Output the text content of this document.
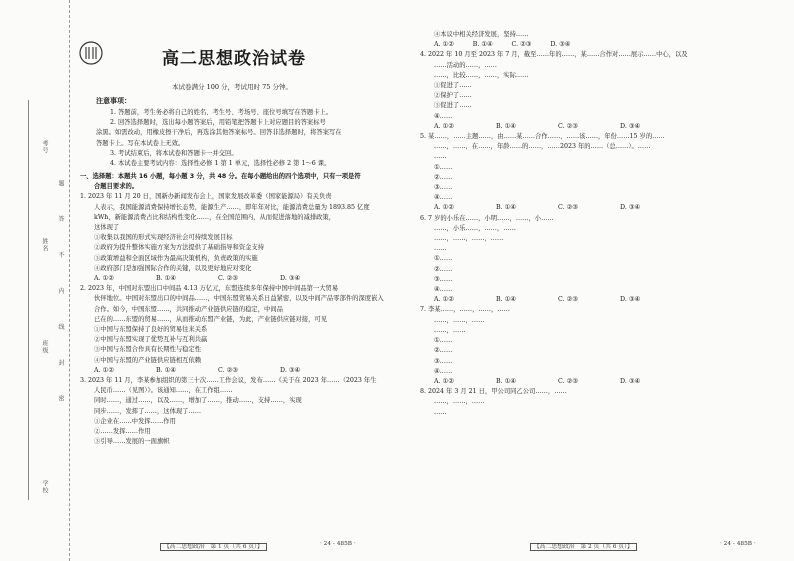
考号
姓名
班级
学校
题 答 不 内 线 封 密
高二思想政治试卷
本试卷满分 100 分，考试用时 75 分钟。
注意事项：
1. 答题前，考生务必将自己的姓名、考生号、考场号、座位号填写在答题卡上。
2. 回答选择题时，选出每小题答案后，用铅笔把答题卡上对应题目的答案标号
涂黑。如需改动，用橡皮擦干净后，再选涂其他答案标号。回答非选择题时，将答案写在
答题卡上。写在本试卷上无效。
3. 考试结束后，将本试卷和答题卡一并交回。
4. 本试卷主要考试内容：选择性必修 1 第 1 单元，选择性必修 2 第 1～6 课。
一、选择题：本题共 16 小题，每小题 3 分，共 48 分。在每小题给出的四个选项中，只有一项是符
合题目要求的。
1. 2023 年 11 月 20 日，国新办新闻发布会上，国家发展改革委（国家能源局）有关负责
人表示，我国能源消费保持增长态势，能源生产……，即年年对比，能源消费总量为 1893.85 亿度
kWh，新能源消费占比和结构性变化……，在全国范围内，从而促进落地的减排政策，
这体现了
①收集以我国的形式实现经济社会可持续发展目标
②政府为提升整体实施方案为方法提供了基础指导和资金支持
③政策增益和全面区域作为最高决策机构，负责政策的实施
④政府部门是加强国际合作的关键，以及更好地应对变化
A. ①②	B. ①④	C. ②③	D. ③④
2. 2023 年，中国对东盟出口中间品 4.13 万亿元，东盟连续多年保持中国中间品第一大贸易
伙伴地位。中国对东盟出口的中间品……，中国东盟贸易关系日益紧密，以及中间产品零部件的深度嵌入
合作。如今，中国东盟……，共同推动产业链供应链的稳定，中间品
已在的……东盟的贸易……，从而推动东盟产业链，为此，产业链供应链对接，可见
①中国与东盟保持了良好的贸易往来关系
②中国与东盟实现了优势互补与互利共赢
③中国与东盟合作具有长期性与稳定性
④中国与东盟的产业链供应链相互依赖
A. ①②	B. ①④	C. ②③	D. ③④
3. 2023 年 11 月，李某参加组织的第三十次……工作会议，发布……《关于在 2023 年……（2023 年生
人民币……（见图）》。该通知……，在工作组……
同时……，通过……，以及……，增加了……，推动……，支持……，实现
同步……，发挥了……，这体现了……
①企业在……中发挥……作用
②……发挥……作用
③引导……发展的一面旗帜
【高二思想政治　第 1 页（共 6 页）】	· 24 - 485B ·
④本议中相关经济发展，坚持……
A. ①②　　　B. ①④　　　C. ②③　　　D. ③④
4. 2022 年 10 月至 2023 年 7 月，截至……年的……，某……合作对……展示……中心，以及
……活动的……，……
……，比较……，……，实际……
①促进了……
②保护了……
③促进了……
④……
A. ①②	B. ①④	C. ②③	D. ③④
5. 某……，……主题……，由……某……合作……，……该……，年份……15 岁的……
……，……，在……，年龄……的……，……2023 年的……（总……）。……
……
①……
②……
③……
④……
A. ①②	B. ①④	C. ②③	D. ③④
6. 7 岁的小乐在……，小明……，……，小……
……，小乐……，……，……
……，……，……，……
……
①……
②……
③……
④……
A. ①②	B. ①④	C. ②③	D. ③④
7. 李某……，……，……，……
……，……，……
……，……
①……
②……
③……
④……
A. ①②	B. ①④	C. ②③	D. ③④
8. 2024 年 3 月 21 日，甲公司同乙公司……，……
……，……，……
……
【高二思想政治　第 2 页（共 6 页）】	· 24 - 485B ·
